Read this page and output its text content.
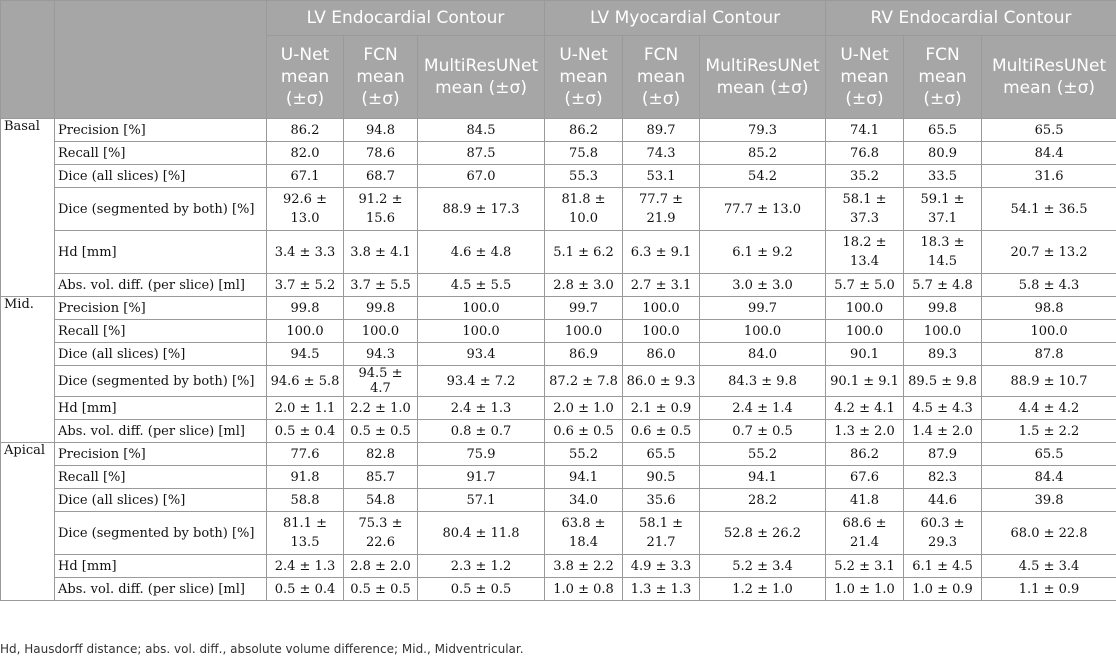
		LV Endocardial Contour			LV Myocardial Contour			RV Endocardial Contour		
		U-Net
mean
(±σ)	FCN
mean
(±σ)	MultiResUNet
mean (±σ)	U-Net
mean
(±σ)	FCN
mean
(±σ)	MultiResUNet
mean (±σ)	U-Net
mean
(±σ)	FCN
mean
(±σ)	MultiResUNet
mean (±σ)
Basal	Precision [%]	86.2	94.8	84.5	86.2	89.7	79.3	74.1	65.5	65.5
	Recall [%]	82.0	78.6	87.5	75.8	74.3	85.2	76.8	80.9	84.4
	Dice (all slices) [%]	67.1	68.7	67.0	55.3	53.1	54.2	35.2	33.5	31.6
	Dice (segmented by both) [%]	92.6 ±
13.0	91.2 ±
15.6	88.9 ± 17.3	81.8 ±
10.0	77.7 ±
21.9	77.7 ± 13.0	58.1 ±
37.3	59.1 ±
37.1	54.1 ± 36.5
	Hd [mm]	3.4 ± 3.3	3.8 ± 4.1	4.6 ± 4.8	5.1 ± 6.2	6.3 ± 9.1	6.1 ± 9.2	18.2 ±
13.4	18.3 ±
14.5	20.7 ± 13.2
	Abs. vol. diff. (per slice) [ml]	3.7 ± 5.2	3.7 ± 5.5	4.5 ± 5.5	2.8 ± 3.0	2.7 ± 3.1	3.0 ± 3.0	5.7 ± 5.0	5.7 ± 4.8	5.8 ± 4.3
Mid.	Precision [%]	99.8	99.8	100.0	99.7	100.0	99.7	100.0	99.8	98.8
	Recall [%]	100.0	100.0	100.0	100.0	100.0	100.0	100.0	100.0	100.0
	Dice (all slices) [%]	94.5	94.3	93.4	86.9	86.0	84.0	90.1	89.3	87.8
	Dice (segmented by both) [%]	94.6 ± 5.8	94.5 ± 4.7	93.4 ± 7.2	87.2 ± 7.8	86.0 ± 9.3	84.3 ± 9.8	90.1 ± 9.1	89.5 ± 9.8	88.9 ± 10.7
	Hd [mm]	2.0 ± 1.1	2.2 ± 1.0	2.4 ± 1.3	2.0 ± 1.0	2.1 ± 0.9	2.4 ± 1.4	4.2 ± 4.1	4.5 ± 4.3	4.4 ± 4.2
	Abs. vol. diff. (per slice) [ml]	0.5 ± 0.4	0.5 ± 0.5	0.8 ± 0.7	0.6 ± 0.5	0.6 ± 0.5	0.7 ± 0.5	1.3 ± 2.0	1.4 ± 2.0	1.5 ± 2.2
Apical	Precision [%]	77.6	82.8	75.9	55.2	65.5	55.2	86.2	87.9	65.5
	Recall [%]	91.8	85.7	91.7	94.1	90.5	94.1	67.6	82.3	84.4
	Dice (all slices) [%]	58.8	54.8	57.1	34.0	35.6	28.2	41.8	44.6	39.8
	Dice (segmented by both) [%]	81.1 ±
13.5	75.3 ±
22.6	80.4 ± 11.8	63.8 ±
18.4	58.1 ±
21.7	52.8 ± 26.2	68.6 ±
21.4	60.3 ±
29.3	68.0 ± 22.8
	Hd [mm]	2.4 ± 1.3	2.8 ± 2.0	2.3 ± 1.2	3.8 ± 2.2	4.9 ± 3.3	5.2 ± 3.4	5.2 ± 3.1	6.1 ± 4.5	4.5 ± 3.4
	Abs. vol. diff. (per slice) [ml]	0.5 ± 0.4	0.5 ± 0.5	0.5 ± 0.5	1.0 ± 0.8	1.3 ± 1.3	1.2 ± 1.0	1.0 ± 1.0	1.0 ± 0.9	1.1 ± 0.9
Hd, Hausdorff distance; abs. vol. diff., absolute volume difference; Mid., Midventricular.
